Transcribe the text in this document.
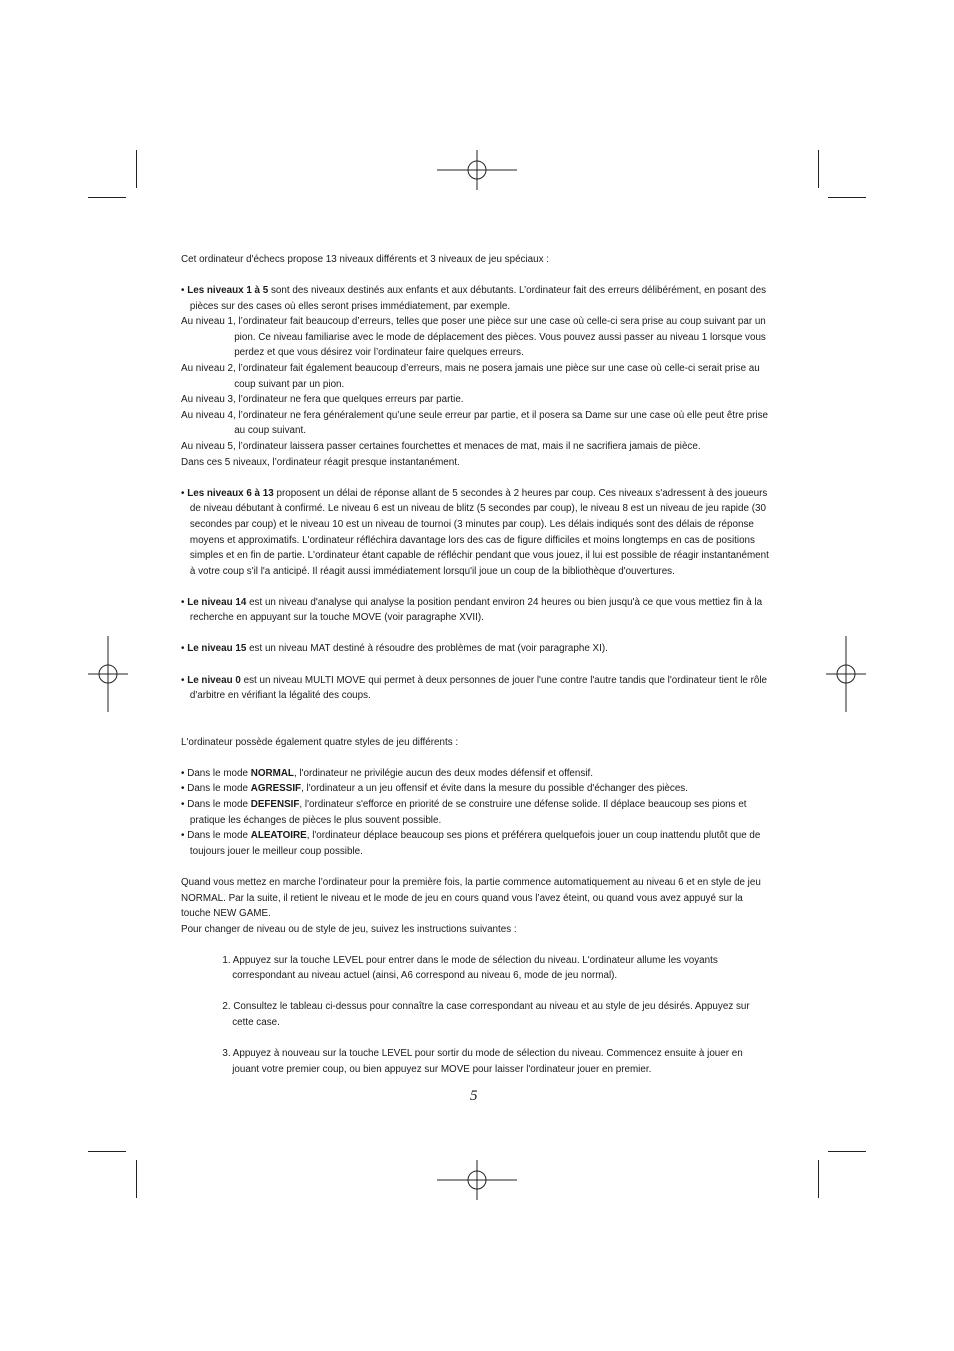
Cet ordinateur d'échecs propose 13 niveaux différents et 3 niveaux de jeu spéciaux :

• Les niveaux 1 à 5 sont des niveaux destinés aux enfants et aux débutants. L’ordinateur fait des erreurs délibérément, en posant des pièces sur des cases où elles seront prises immédiatement, par exemple.

Au niveau 1, l’ordinateur fait beaucoup d’erreurs, telles que poser une pièce sur une case où celle-ci sera prise au coup suivant par un pion. Ce niveau familiarise avec le mode de déplacement des pièces. Vous pouvez aussi passer au niveau 1 lorsque vous perdez et que vous désirez voir l’ordinateur faire quelques erreurs.

Au niveau 2, l’ordinateur fait également beaucoup d’erreurs, mais ne posera jamais une pièce sur une case où celle-ci serait prise au coup suivant par un pion.

Au niveau 3, l’ordinateur ne fera que quelques erreurs par partie.

Au niveau 4, l’ordinateur ne fera généralement qu’une seule erreur par partie, et il posera sa Dame sur une case où elle peut être prise au coup suivant.

Au niveau 5, l’ordinateur laissera passer certaines fourchettes et menaces de mat, mais il ne sacrifiera jamais de pièce.

Dans ces 5 niveaux, l’ordinateur réagit presque instantanément.

• Les niveaux 6 à 13 proposent un délai de réponse allant de 5 secondes à 2 heures par coup. Ces niveaux s'adressent à des joueurs de niveau débutant à confirmé. Le niveau 6 est un niveau de blitz (5 secondes par coup), le niveau 8 est un niveau de jeu rapide (30 secondes par coup) et le niveau 10 est un niveau de tournoi (3 minutes par coup). Les délais indiqués sont des délais de réponse moyens et approximatifs. L'ordinateur réfléchira davantage lors des cas de figure difficiles et moins longtemps en cas de positions simples et en fin de partie. L'ordinateur étant capable de réfléchir pendant que vous jouez, il lui est possible de réagir instantanément à votre coup s'il l'a anticipé. Il réagit aussi immédiatement lorsqu'il joue un coup de la bibliothèque d'ouvertures.

• Le niveau 14 est un niveau d'analyse qui analyse la position pendant environ 24 heures ou bien jusqu'à ce que vous mettiez fin à la recherche en appuyant sur la touche MOVE (voir paragraphe XVII).

• Le niveau 15 est un niveau MAT destiné à résoudre des problèmes de mat (voir paragraphe XI).

• Le niveau 0 est un niveau MULTI MOVE qui permet à deux personnes de jouer l'une contre l'autre tandis que l'ordinateur tient le rôle d'arbitre en vérifiant la légalité des coups.

L'ordinateur possède également quatre styles de jeu différents :

• Dans le mode NORMAL, l'ordinateur ne privilégie aucun des deux modes défensif et offensif.

• Dans le mode AGRESSIF, l'ordinateur a un jeu offensif et évite dans la mesure du possible d'échanger des pièces.

• Dans le mode DEFENSIF, l'ordinateur s'efforce en priorité de se construire une défense solide. Il déplace beaucoup ses pions et pratique les échanges de pièces le plus souvent possible.

• Dans le mode ALEATOIRE, l'ordinateur déplace beaucoup ses pions et préférera quelquefois jouer un coup inattendu plutôt que de toujours jouer le meilleur coup possible.

Quand vous mettez en marche l’ordinateur pour la première fois, la partie commence automatiquement au niveau 6 et en style de jeu NORMAL. Par la suite, il retient le niveau et le mode de jeu en cours quand vous l’avez éteint, ou quand vous avez appuyé sur la touche NEW GAME.

Pour changer de niveau ou de style de jeu, suivez les instructions suivantes :

1. Appuyez sur la touche LEVEL pour entrer dans le mode de sélection du niveau. L'ordinateur allume les voyants correspondant au niveau actuel (ainsi, A6 correspond au niveau 6, mode de jeu normal).

2. Consultez le tableau ci-dessus pour connaître la case correspondant au niveau et au style de jeu désirés. Appuyez sur cette case.

3. Appuyez à nouveau sur la touche LEVEL pour sortir du mode de sélection du niveau. Commencez ensuite à jouer en jouant votre premier coup, ou bien appuyez sur MOVE pour laisser l'ordinateur jouer en premier.

5
